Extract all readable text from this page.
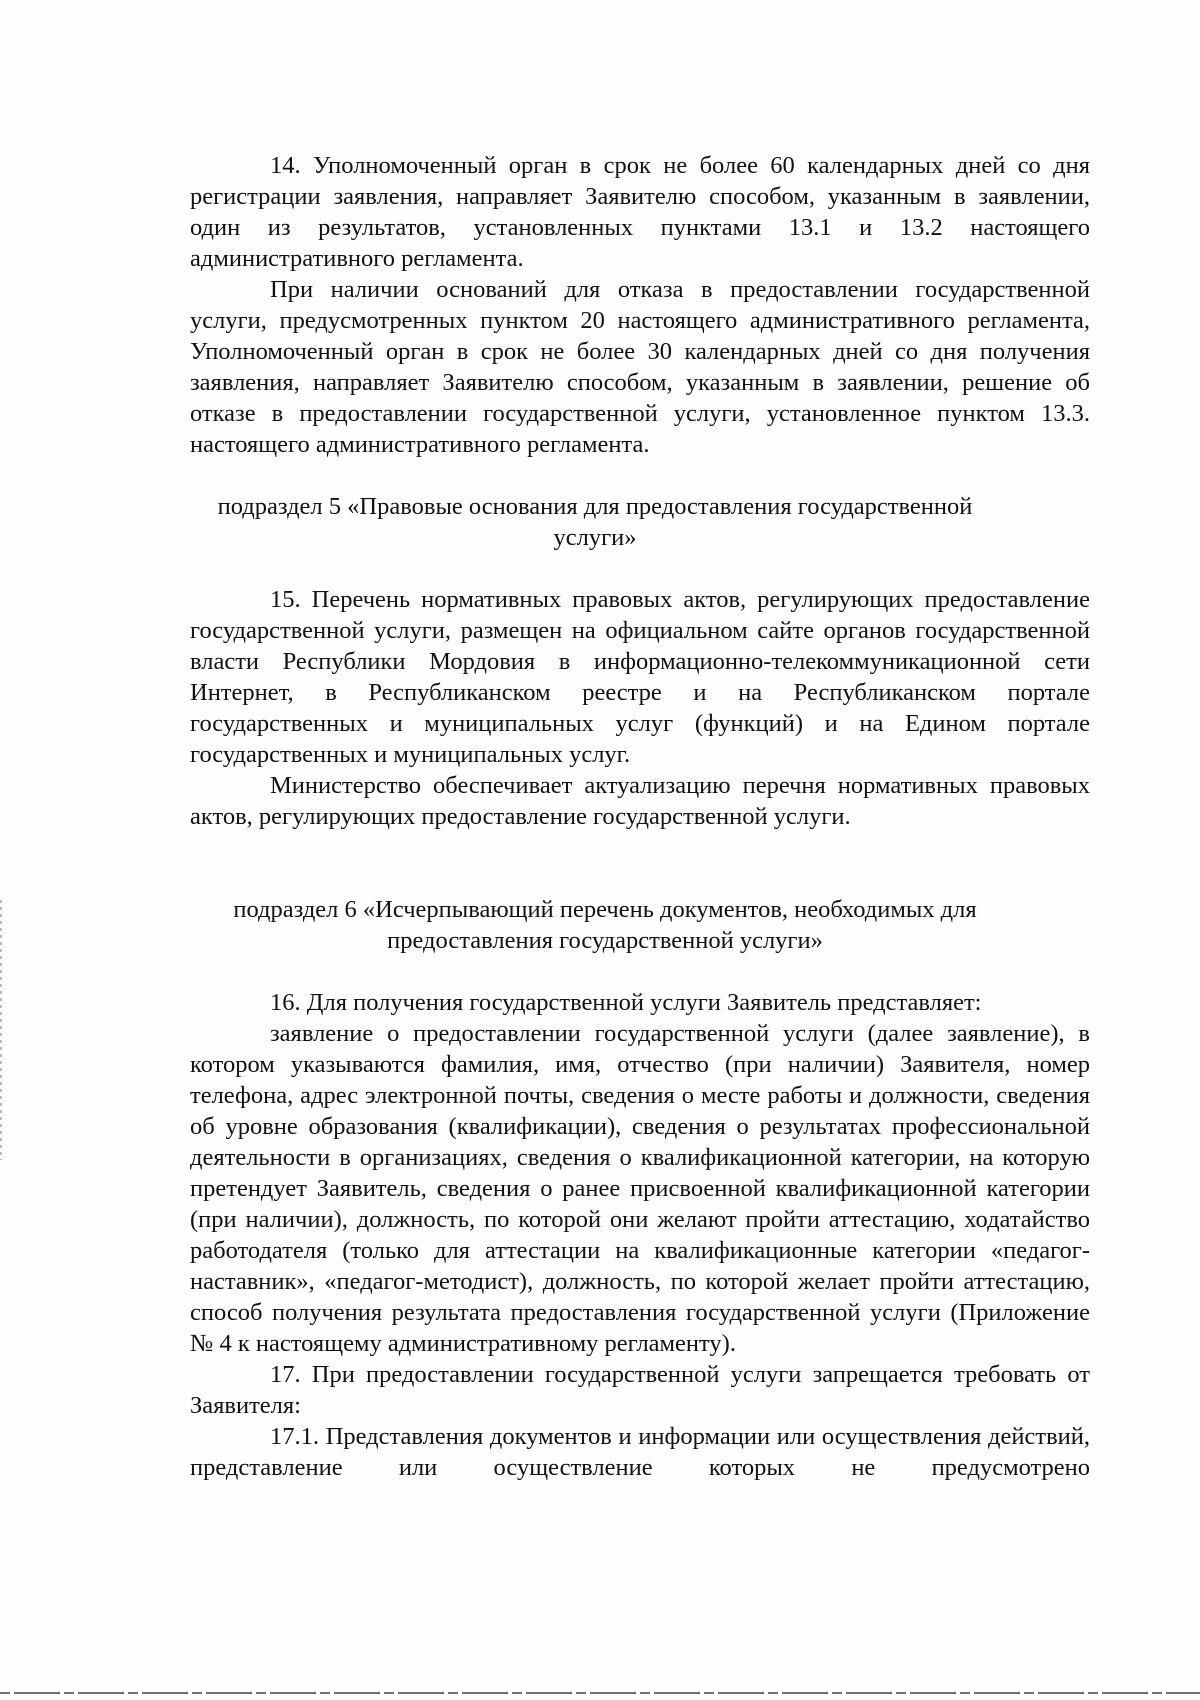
14. Уполномоченный орган в срок не более 60 календарных дней со дня регистрации заявления, направляет Заявителю способом, указанным в заявлении, один из результатов, установленных пунктами 13.1 и 13.2 настоящего административного регламента.

При наличии оснований для отказа в предоставлении государственной услуги, предусмотренных пунктом 20 настоящего административного регламента, Уполномоченный орган в срок не более 30 календарных дней со дня получения заявления, направляет Заявителю способом, указанным в заявлении, решение об отказе в предоставлении государственной услуги, установленное пунктом 13.3. настоящего административного регламента.

подраздел 5 «Правовые основания для предоставления государственной услуги»

15. Перечень нормативных правовых актов, регулирующих предоставление государственной услуги, размещен на официальном сайте органов государственной власти Республики Мордовия в информационно-телекоммуникационной сети Интернет, в Республиканском реестре и на Республиканском портале государственных и муниципальных услуг (функций) и на Едином портале государственных и муниципальных услуг.

Министерство обеспечивает актуализацию перечня нормативных правовых актов, регулирующих предоставление государственной услуги.

подраздел 6 «Исчерпывающий перечень документов, необходимых для предоставления государственной услуги»

16. Для получения государственной услуги Заявитель представляет:

заявление о предоставлении государственной услуги (далее заявление), в котором указываются фамилия, имя, отчество (при наличии) Заявителя, номер телефона, адрес электронной почты, сведения о месте работы и должности, сведения об уровне образования (квалификации), сведения о результатах профессиональной деятельности в организациях, сведения о квалификационной категории, на которую претендует Заявитель, сведения о ранее присвоенной квалификационной категории (при наличии), должность, по которой они желают пройти аттестацию, ходатайство работодателя (только для аттестации на квалификационные категории «педагог-наставник», «педагог-методист), должность, по которой желает пройти аттестацию, способ получения результата предоставления государственной услуги (Приложение № 4 к настоящему административному регламенту).

17. При предоставлении государственной услуги запрещается требовать от Заявителя:

17.1. Представления документов и информации или осуществления действий, представление или осуществление которых не предусмотрено
